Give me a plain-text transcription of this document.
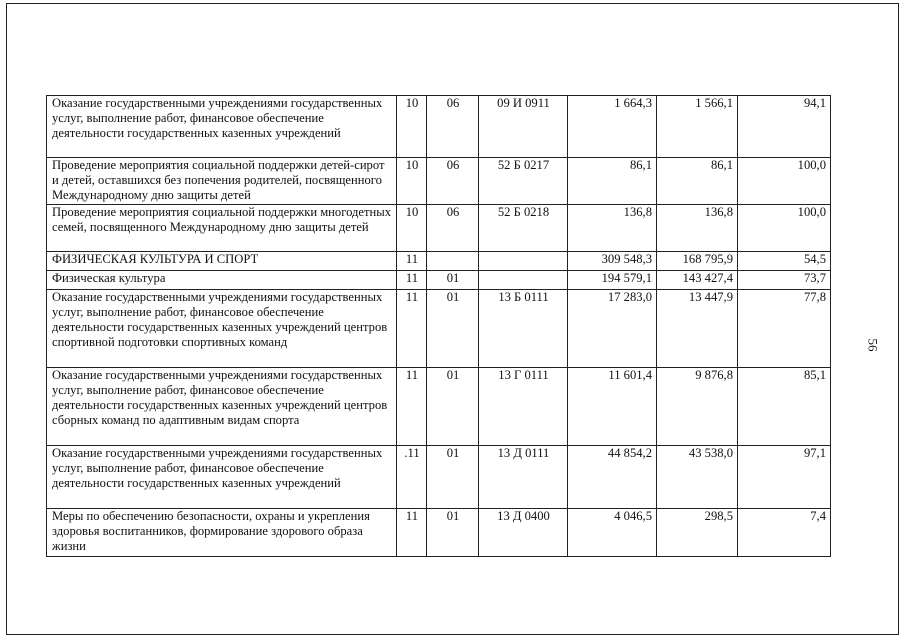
Оказание государственными учреждениями государственных услуг, выполнение работ, финансовое обеспечение деятельности государственных казенных учреждений	10	06	09 И 0911	1 664,3	1 566,1	94,1
Проведение мероприятия социальной поддержки детей-сирот и детей, оставшихся без попечения родителей, посвященного Международному дню защиты детей	10	06	52 Б 0217	86,1	86,1	100,0
Проведение мероприятия социальной поддержки многодетных семей, посвященного Международному дню защиты детей	10	06	52 Б 0218	136,8	136,8	100,0
ФИЗИЧЕСКАЯ КУЛЬТУРА И СПОРТ	11			309 548,3	168 795,9	54,5
Физическая культура	11	01		194 579,1	143 427,4	73,7
Оказание государственными учреждениями государственных услуг, выполнение работ, финансовое обеспечение деятельности государственных казенных учреждений центров спортивной подготовки спортивных команд	11	01	13 Б 0111	17 283,0	13 447,9	77,8
Оказание государственными учреждениями государственных услуг, выполнение работ, финансовое обеспечение деятельности государственных казенных учреждений центров сборных команд по адаптивным видам спорта	11	01	13 Г 0111	11 601,4	9 876,8	85,1
Оказание государственными учреждениями государственных услуг, выполнение работ, финансовое обеспечение деятельности государственных казенных учреждений	.11	01	13 Д 0111	44 854,2	43 538,0	97,1
Меры по обеспечению безопасности, охраны и укрепления здоровья воспитанников, формирование здорового образа жизни	11	01	13 Д 0400	4 046,5	298,5	7,4
56
